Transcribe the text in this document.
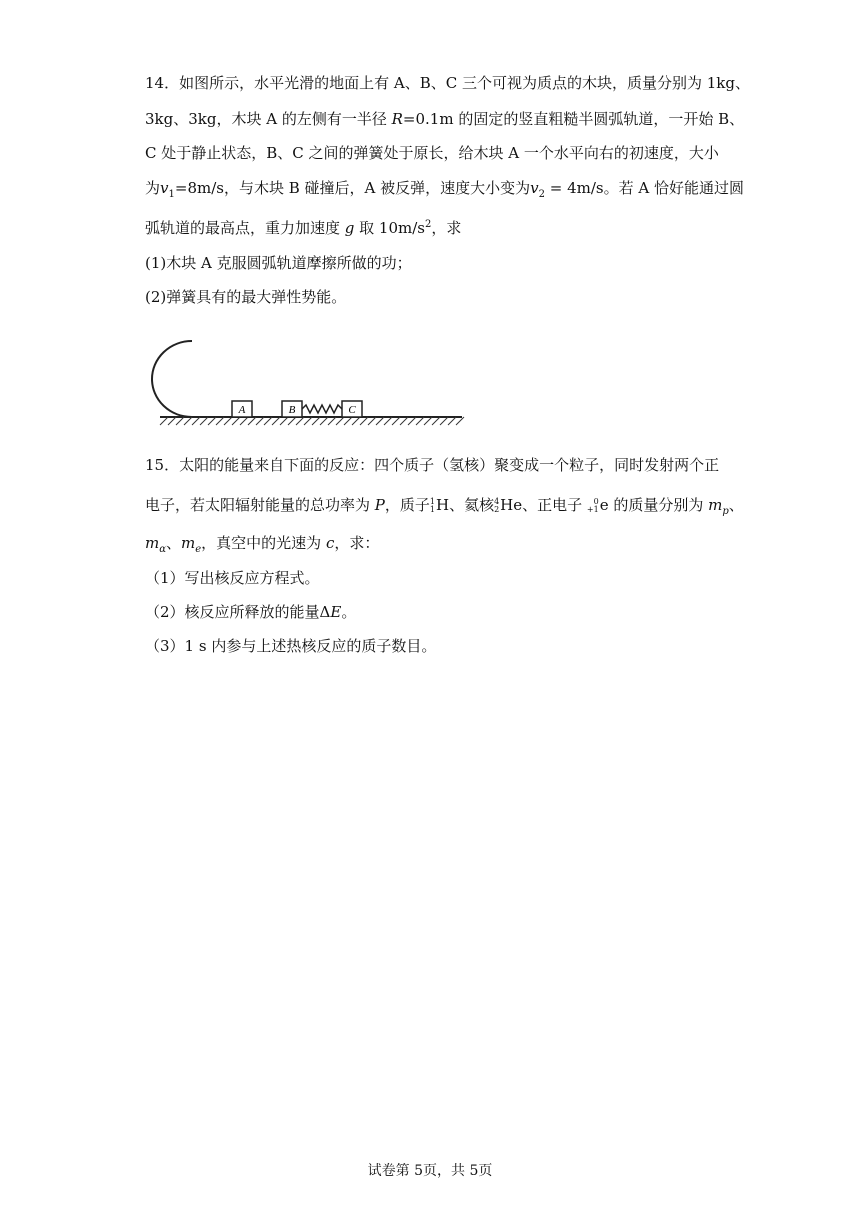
14．如图所示，水平光滑的地面上有 A、B、C 三个可视为质点的木块，质量分别为 1kg、
3kg、3kg，木块 A 的左侧有一半径 R=0.1m 的固定的竖直粗糙半圆弧轨道，一开始 B、
C 处于静止状态，B、C 之间的弹簧处于原长，给木块 A 一个水平向右的初速度，大小
为$v_1=8m/s$，与木块 B 碰撞后，A 被反弹，速度大小变为$v_2 = 4m/s$。若 A 恰好能通过圆
弧轨道的最高点，重力加速度 g 取 $10m/s^2$，求
(1)木块 A 克服圆弧轨道摩擦所做的功；
(2)弹簧具有的最大弹性势能。
A	B	C
15．太阳的能量来自下面的反应：四个质子（氢核）聚变成一个粒子，同时发射两个正
电子，若太阳辐射能量的总功率为 P，质子 1
1 H、氦核 4
2 He、正电子 0
+1 e 的质量分别为 $m_p$、
$m_\alpha$、$m_e$，真空中的光速为 c，求：
（1）写出核反应方程式。
（2）核反应所释放的能量ΔE。
（3）1 s 内参与上述热核反应的质子数目。
试卷第 5页，共 5页
